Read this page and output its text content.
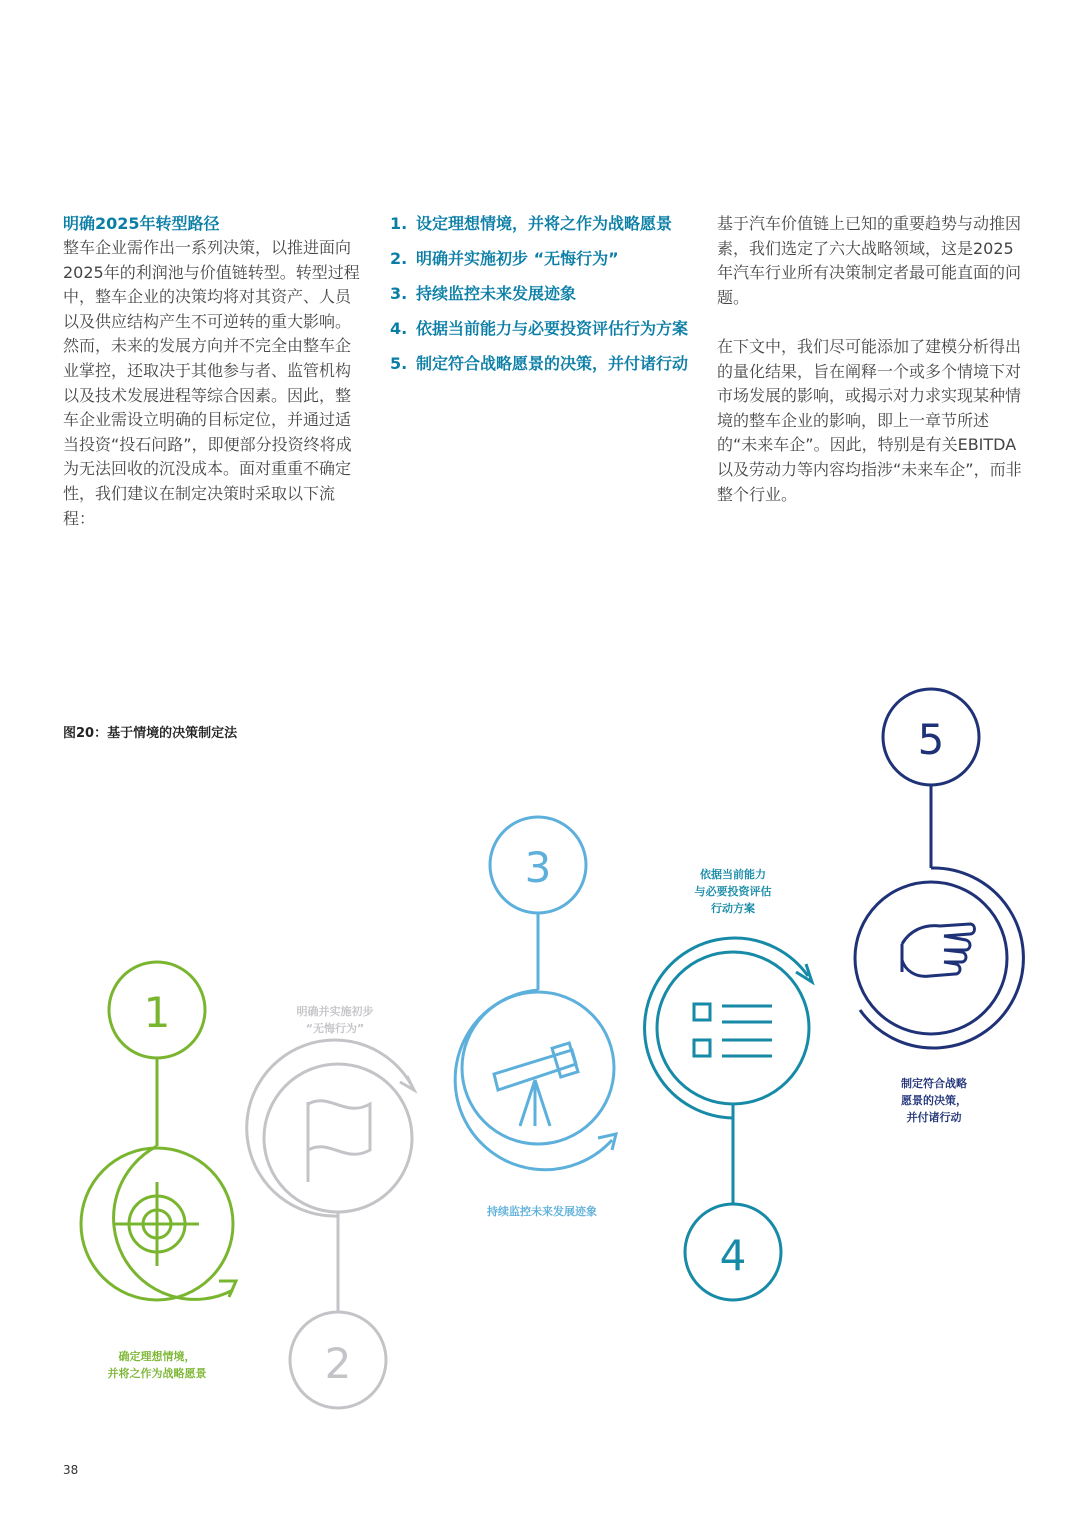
明确2025年转型路径

整车企业需作出一系列决策，以推进面向2025年的利润池与价值链转型。转型过程中，整车企业的决策均将对其资产、人员以及供应结构产生不可逆转的重大影响。然而，未来的发展方向并不完全由整车企业掌控，还取决于其他参与者、监管机构以及技术发展进程等综合因素。因此，整车企业需设立明确的目标定位，并通过适当投资“投石问路”，即便部分投资终将成为无法回收的沉没成本。面对重重不确定性，我们建议在制定决策时采取以下流程：

1. 设定理想情境，并将之作为战略愿景
2. 明确并实施初步 “无悔行为”
3. 持续监控未来发展迹象
4. 依据当前能力与必要投资评估行为方案
5. 制定符合战略愿景的决策，并付诸行动

基于汽车价值链上已知的重要趋势与动推因素，我们选定了六大战略领域，这是2025年汽车行业所有决策制定者最可能直面的问题。

在下文中，我们尽可能添加了建模分析得出的量化结果，旨在阐释一个或多个情境下对市场发展的影响，或揭示对力求实现某种情境的整车企业的影响，即上一章节所述的“未来车企”。因此，特别是有关EBITDA以及劳动力等内容均指涉“未来车企”，而非整个行业。

图20：基于情境的决策制定法
1
2
3
4
5
确定理想情境，
并将之作为战略愿景
明确并实施初步
“无悔行为”
持续监控未来发展迹象
依据当前能力
与必要投资评估
行动方案
制定符合战略
愿景的决策，
并付诸行动
38
